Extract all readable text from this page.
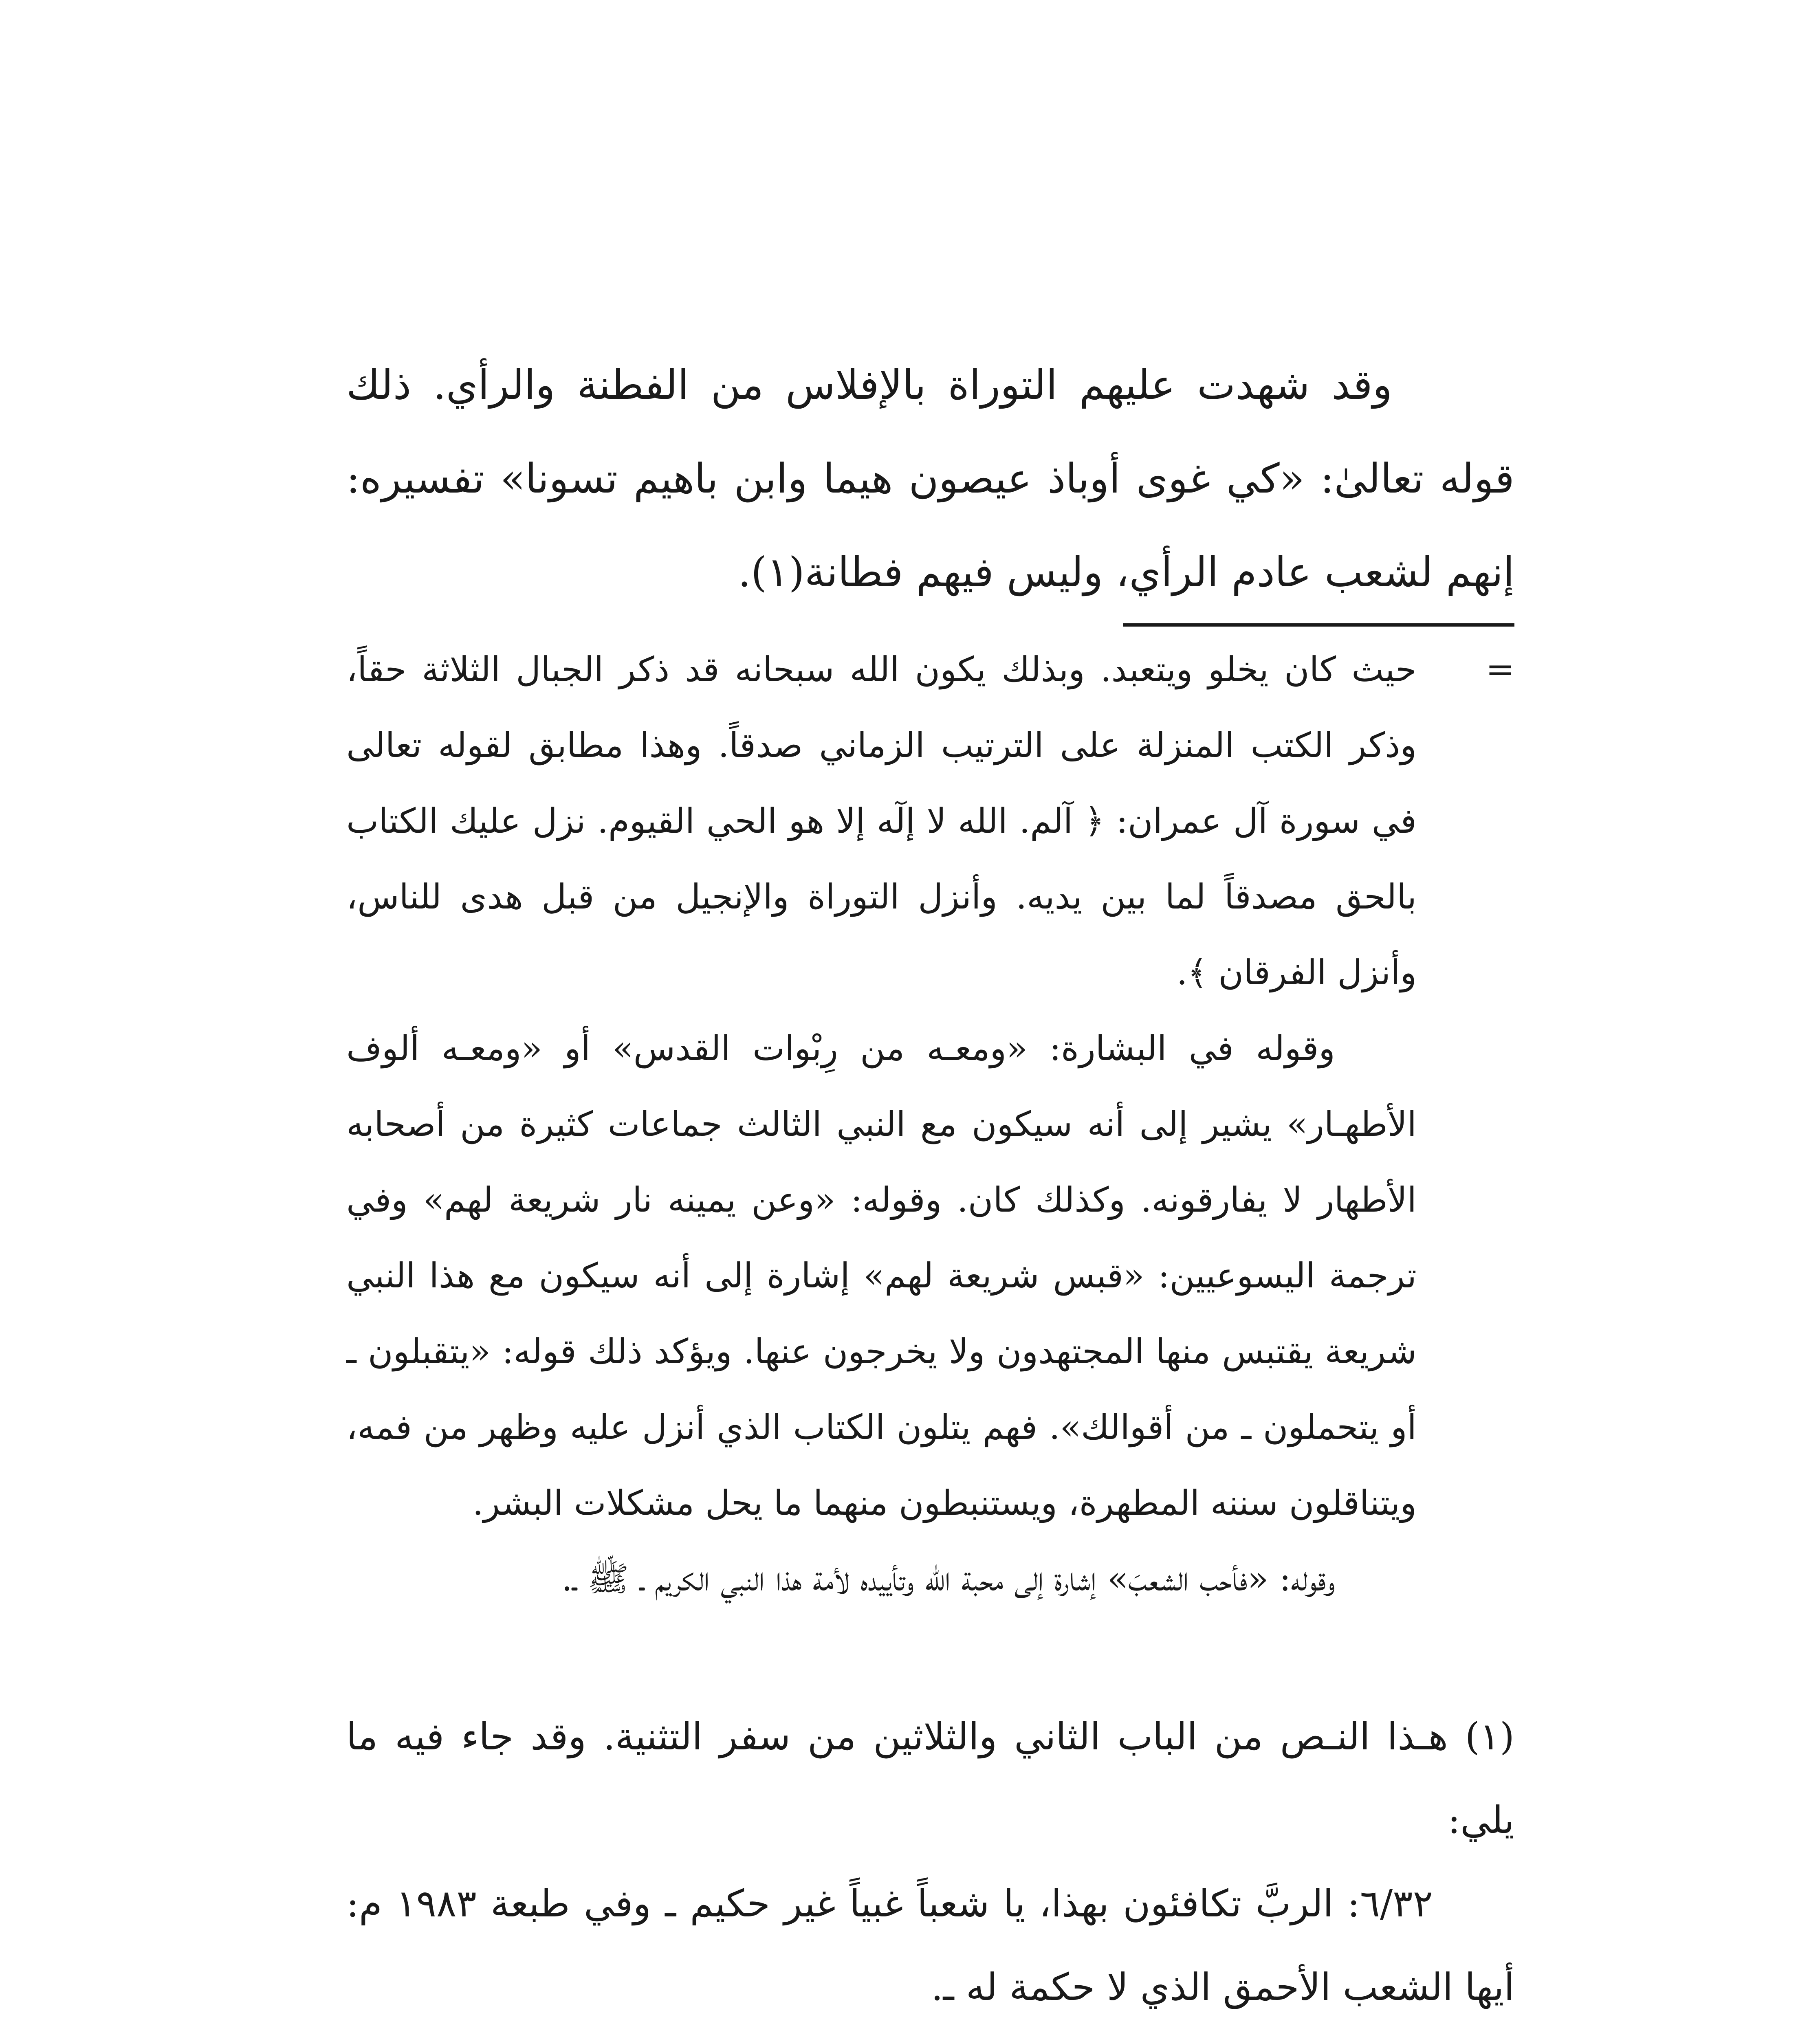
وقد شهدت عليهم التوراة بالإفلاس من الفطنة والرأي. ذلك قوله تعالىٰ: «كي غوى أوباذ عيصون هيما وابن باهيم تسونا» تفسيره: إنهم لشعب عادم الرأي، وليس فيهم فطانة(١).

=

حيث كان يخلو ويتعبد. وبذلك يكون الله سبحانه قد ذكر الجبال الثلاثة حقاً، وذكر الكتب المنزلة على الترتيب الزماني صدقاً. وهذا مطابق لقوله تعالى في سورة آل عمران: ﴿ آلم. الله لا إلٓه إلا هو الحي القيوم. نزل عليك الكتاب بالحق مصدقاً لما بين يديه. وأنزل التوراة والإنجيل من قبل هدى للناس، وأنزل الفرقان ﴾.

وقوله في البشارة: «ومعـه من رِبْوات القدس» أو «ومعـه ألوف الأطهـار» يشير إلى أنه سيكون مع النبي الثالث جماعات كثيرة من أصحابه الأطهار لا يفارقونه. وكذلك كان. وقوله: «وعن يمينه نار شريعة لهم» وفي ترجمة اليسوعيين: «قبس شريعة لهم» إشارة إلى أنه سيكون مع هذا النبي شريعة يقتبس منها المجتهدون ولا يخرجون عنها. ويؤكد ذلك قوله: «يتقبلون ـ أو يتحملون ـ من أقوالك». فهم يتلون الكتاب الذي أنزل عليه وظهر من فمه، ويتناقلون سننه المطهرة، ويستنبطون منهما ما يحل مشكلات البشر.

وقوله: «فأحب الشعبَ» إشارة إلى محبة الله وتأييده لأمة هذا النبي الكريم ـ ﷺ ـ.

(١) هـذا النـص من الباب الثاني والثلاثين من سفر التثنية. وقد جاء فيه ما يلي:

٦/٣٢: الربَّ تكافئون بهذا، يا شعباً غبياً غير حكيم ـ وفي طبعة ١٩٨٣ م: أيها الشعب الأحمق الذي لا حكمة له ـ.
